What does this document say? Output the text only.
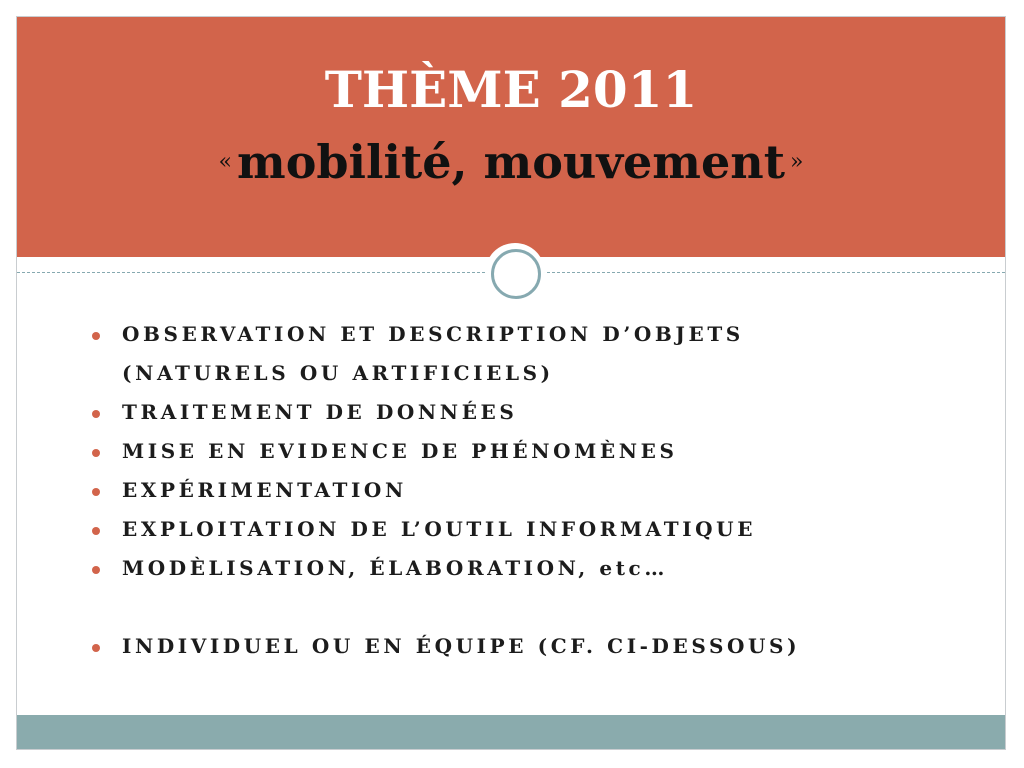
THÈME 2011
« mobilité, mouvement »

OBSERVATION ET DESCRIPTION D’OBJETS
(NATURELS OU ARTIFICIELS)

TRAITEMENT DE DONNÉES

MISE EN EVIDENCE DE PHÉNOMÈNES

EXPÉRIMENTATION

EXPLOITATION DE L’OUTIL INFORMATIQUE

MODÈLISATION, ÉLABORATION, etc…

INDIVIDUEL OU EN ÉQUIPE (CF. CI-DESSOUS)
